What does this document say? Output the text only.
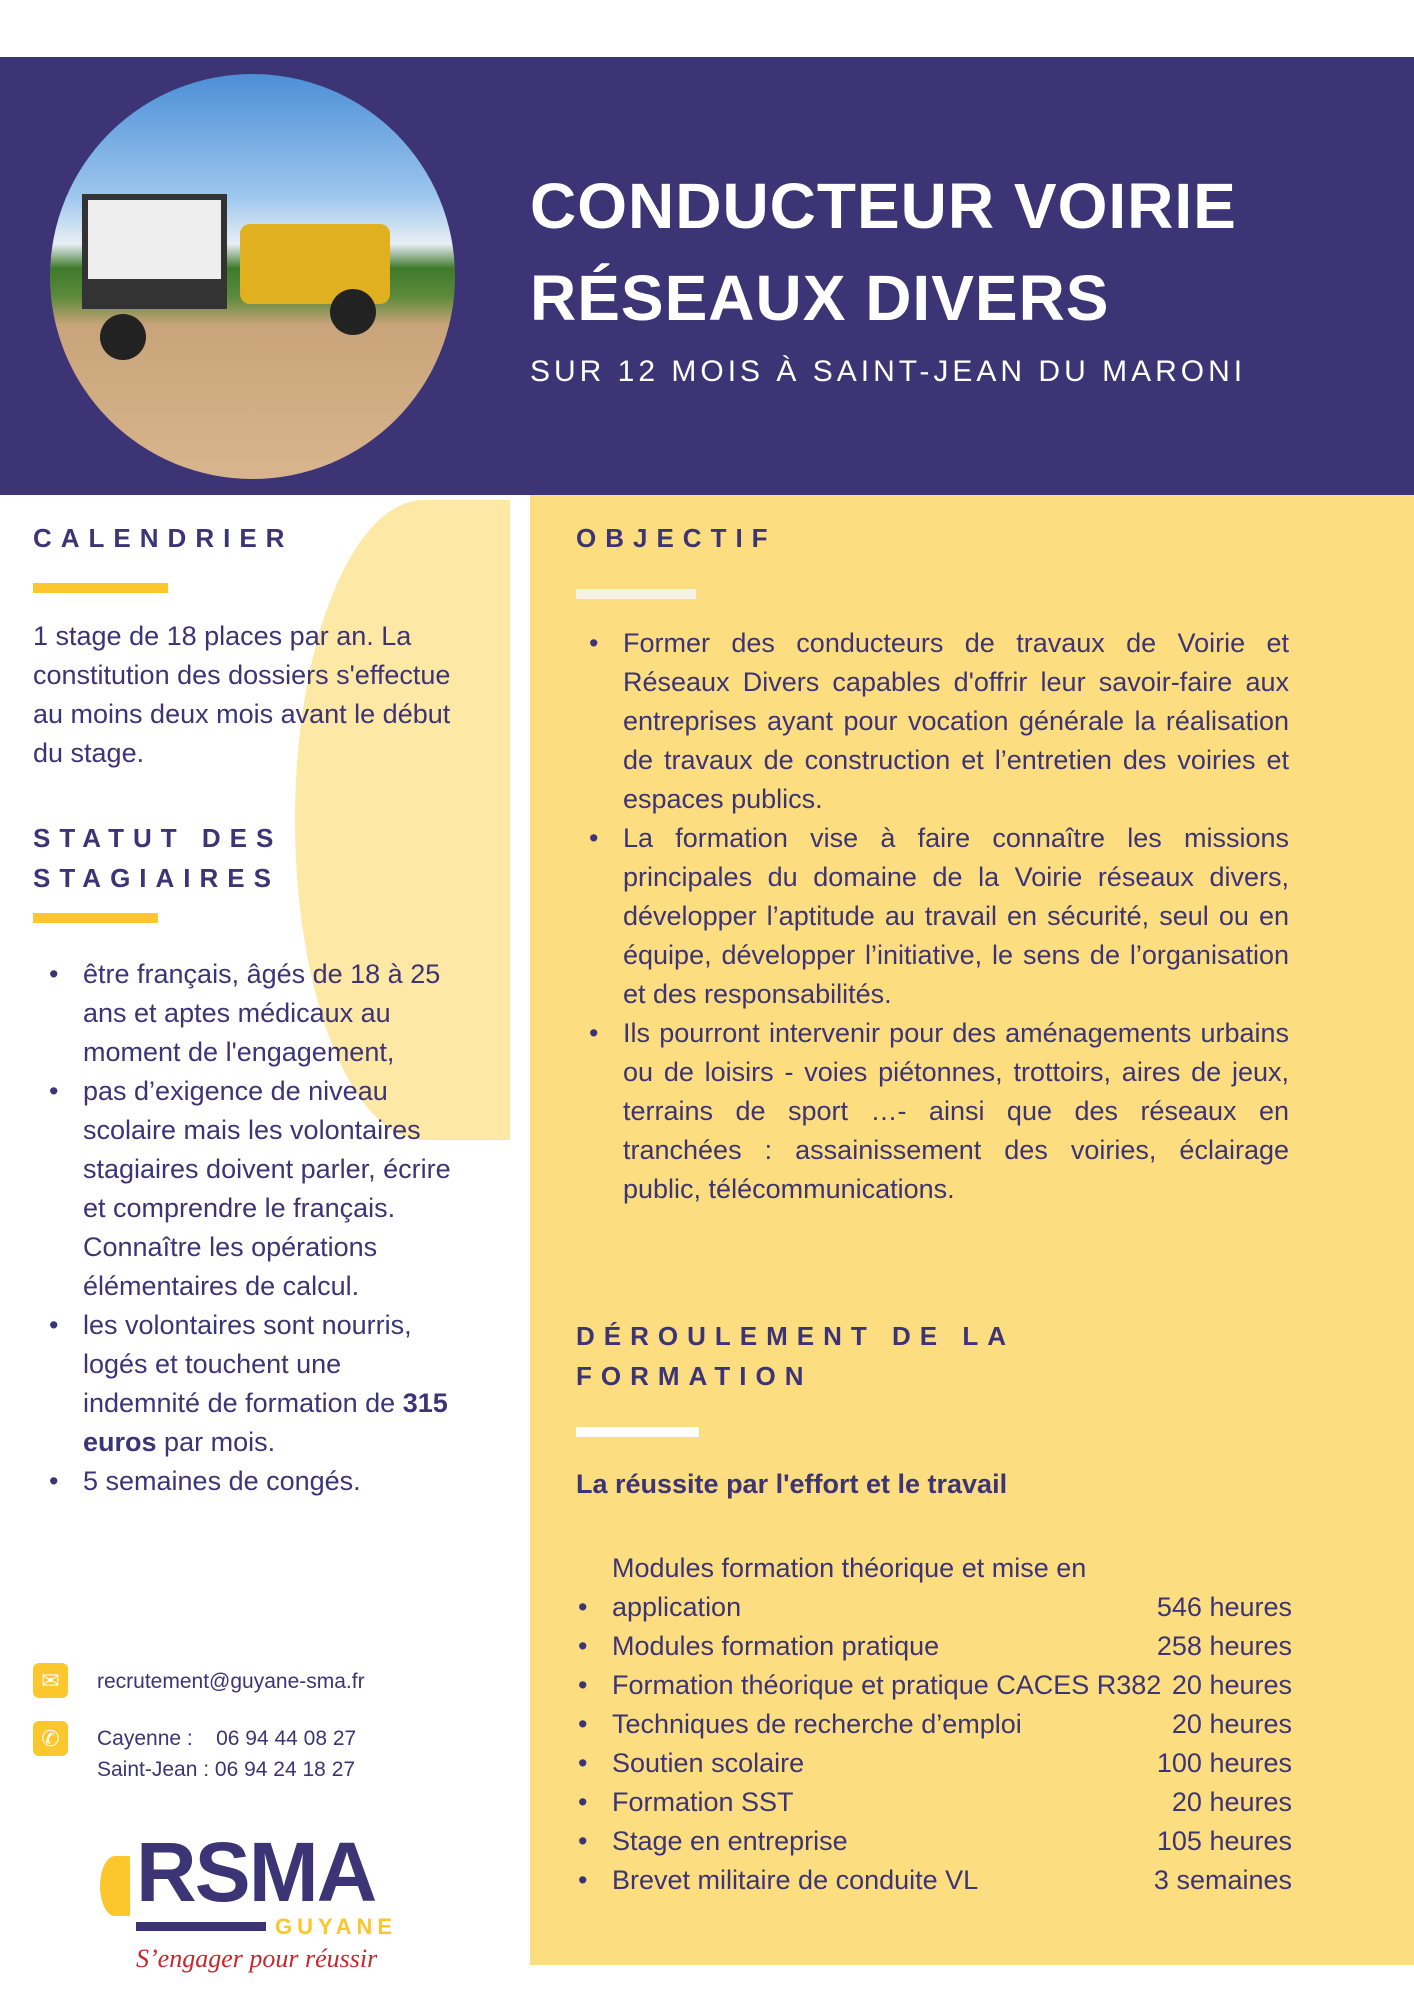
CONDUCTEUR VOIRIE
RÉSEAUX DIVERS
SUR 12 MOIS À SAINT-JEAN DU MARONI
CALENDRIER
1 stage de 18 places par an. La constitution des dossiers s'effectue au moins deux mois avant le début du stage.
STATUT DES
STAGIAIRES
• être français, âgés de 18 à 25 ans et aptes médicaux au moment de l'engagement,
• pas d’exigence de niveau scolaire mais les volontaires stagiaires doivent parler, écrire et comprendre le français. Connaître les opérations élémentaires de calcul.
• les volontaires sont nourris, logés et touchent une indemnité de formation de 315 euros par mois.
• 5 semaines de congés.
✉	recrutement@guyane-sma.fr
✆	Cayenne : 06 94 44 08 27
Saint-Jean : 06 94 24 18 27
RSMA
GUYANE
S’engager pour réussir
OBJECTIF
• Former des conducteurs de travaux de Voirie et Réseaux Divers capables d'offrir leur savoir-faire aux entreprises ayant pour vocation générale la réalisation de travaux de construction et l’entretien des voiries et espaces publics.
• La formation vise à faire connaître les missions principales du domaine de la Voirie réseaux divers, développer l’aptitude au travail en sécurité, seul ou en équipe, développer l’initiative, le sens de l’organisation et des responsabilités.
• Ils pourront intervenir pour des aménagements urbains ou de loisirs - voies piétonnes, trottoirs, aires de jeux, terrains de sport …- ainsi que des réseaux en tranchées : assainissement des voiries, éclairage public, télécommunications.
DÉROULEMENT DE LA
FORMATION
La réussite par l'effort et le travail
• Modules formation théorique et mise en application	546 heures
• Modules formation pratique	258 heures
• Formation théorique et pratique CACES R382 20 heures
• Techniques de recherche d’emploi	20 heures
• Soutien scolaire	100 heures
• Formation SST	20 heures
• Stage en entreprise	105 heures
• Brevet militaire de conduite VL	3 semaines
